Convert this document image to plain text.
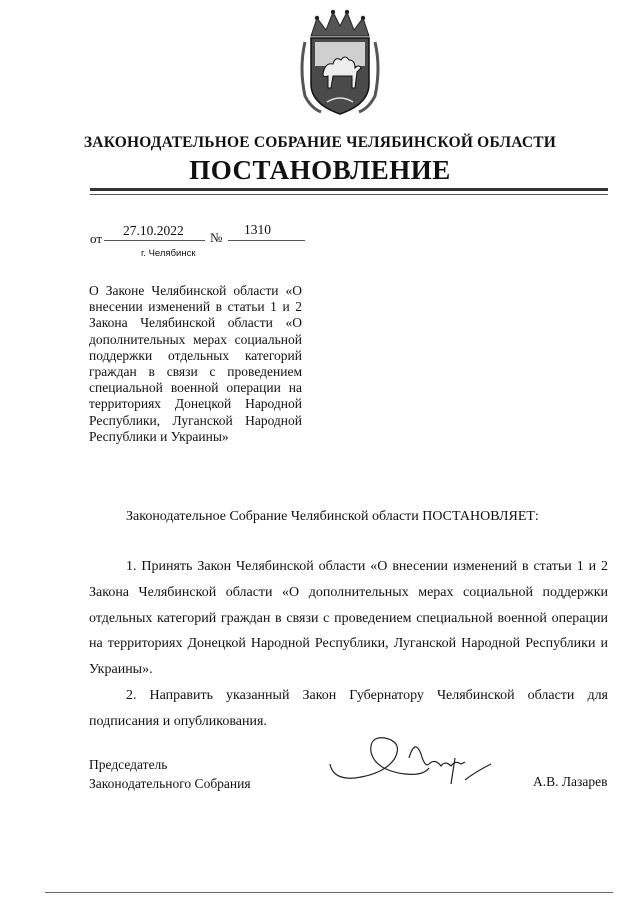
ЗАКОНОДАТЕЛЬНОЕ СОБРАНИЕ ЧЕЛЯБИНСКОЙ ОБЛАСТИ
ПОСТАНОВЛЕНИЕ
от
27.10.2022 №
1310
г. Челябинск
О Законе Челябинской области «О внесении изменений в статьи 1 и 2 Закона Челябинской области «О дополнительных мерах социальной поддержки отдельных категорий граждан в связи с проведением специальной военной операции на территориях Донецкой Народной Республики, Луганской Народной Республики и Украины»
Законодательное Собрание Челябинской области ПОСТАНОВЛЯЕТ:

1. Принять Закон Челябинской области «О внесении изменений в статьи 1 и 2 Закона Челябинской области «О дополнительных мерах социальной поддержки отдельных категорий граждан в связи с проведением специальной военной операции на территориях Донецкой Народной Республики, Луганской Народной Республики и Украины».

2. Направить указанный Закон Губернатору Челябинской области для подписания и опубликования.

Председатель
Законодательного Собрания	А.В. Лазарев
